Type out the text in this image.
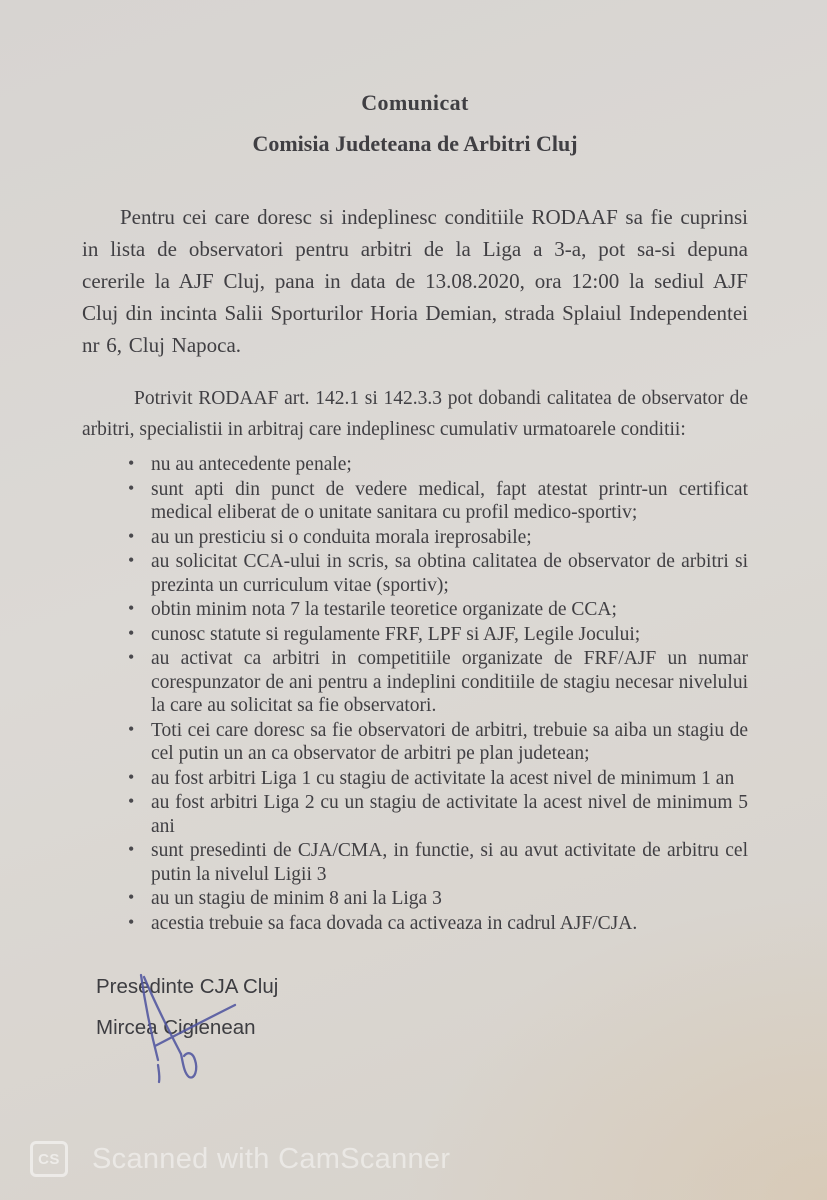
Comunicat
Comisia Judeteana de Arbitri Cluj

Pentru cei care doresc si indeplinesc conditiile RODAAF sa fie cuprinsi in lista de observatori pentru arbitri de la Liga a 3-a, pot sa-si depuna cererile la AJF Cluj, pana in data de 13.08.2020, ora 12:00 la sediul AJF Cluj din incinta Salii Sporturilor Horia Demian, strada Splaiul Independentei nr 6, Cluj Napoca.

Potrivit RODAAF art. 142.1 si 142.3.3 pot dobandi calitatea de observator de arbitri, specialistii in arbitraj care indeplinesc cumulativ urmatoarele conditii:

• nu au antecedente penale;
• sunt apti din punct de vedere medical, fapt atestat printr-un certificat medical eliberat de o unitate sanitara cu profil medico-sportiv;
• au un presticiu si o conduita morala ireprosabile;
• au solicitat CCA-ului in scris, sa obtina calitatea de observator de arbitri si prezinta un curriculum vitae (sportiv);
• obtin minim nota 7 la testarile teoretice organizate de CCA;
• cunosc statute si regulamente FRF, LPF si AJF, Legile Jocului;
• au activat ca arbitri in competitiile organizate de FRF/AJF un numar corespunzator de ani pentru a indeplini conditiile de stagiu necesar nivelului la care au solicitat sa fie observatori.
• Toti cei care doresc sa fie observatori de arbitri, trebuie sa aiba un stagiu de cel putin un an ca observator de arbitri pe plan judetean;
• au fost arbitri Liga 1 cu stagiu de activitate la acest nivel de minimum 1 an
• au fost arbitri Liga 2 cu un stagiu de activitate la acest nivel de minimum 5 ani
• sunt presedinti de CJA/CMA, in functie, si au avut activitate de arbitru cel putin la nivelul Ligii 3
• au un stagiu de minim 8 ani la Liga 3
• acestia trebuie sa faca dovada ca activeaza in cadrul AJF/CJA.
Presedinte CJA Cluj
Mircea Ciglenean
CS Scanned with CamScanner
